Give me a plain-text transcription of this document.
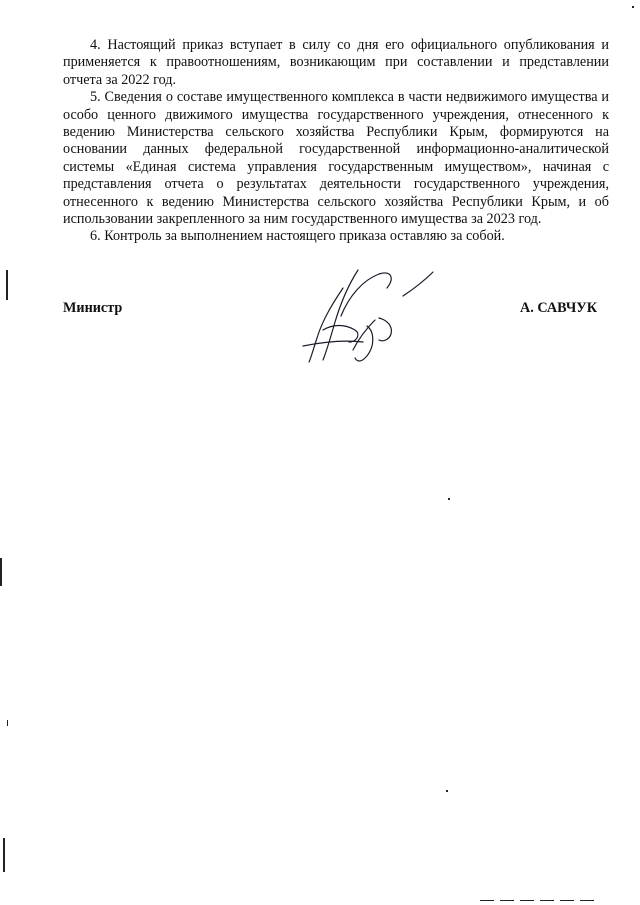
4. Настоящий приказ вступает в силу со дня его официального опубликования и применяется к правоотношениям, возникающим при составлении и представлении отчета за 2022 год.

5. Сведения о составе имущественного комплекса в части недвижимого имущества и особо ценного движимого имущества государственного учреждения, отнесенного к ведению Министерства сельского хозяйства Республики Крым, формируются на основании данных федеральной государственной информационно-аналитической системы «Единая система управления государственным имуществом», начиная с представления отчета о результатах деятельности государственного учреждения, отнесенного к ведению Министерства сельского хозяйства Республики Крым, и об использовании закрепленного за ним государственного имущества за 2023 год.

6. Контроль за выполнением настоящего приказа оставляю за собой.

Министр	А. САВЧУК
